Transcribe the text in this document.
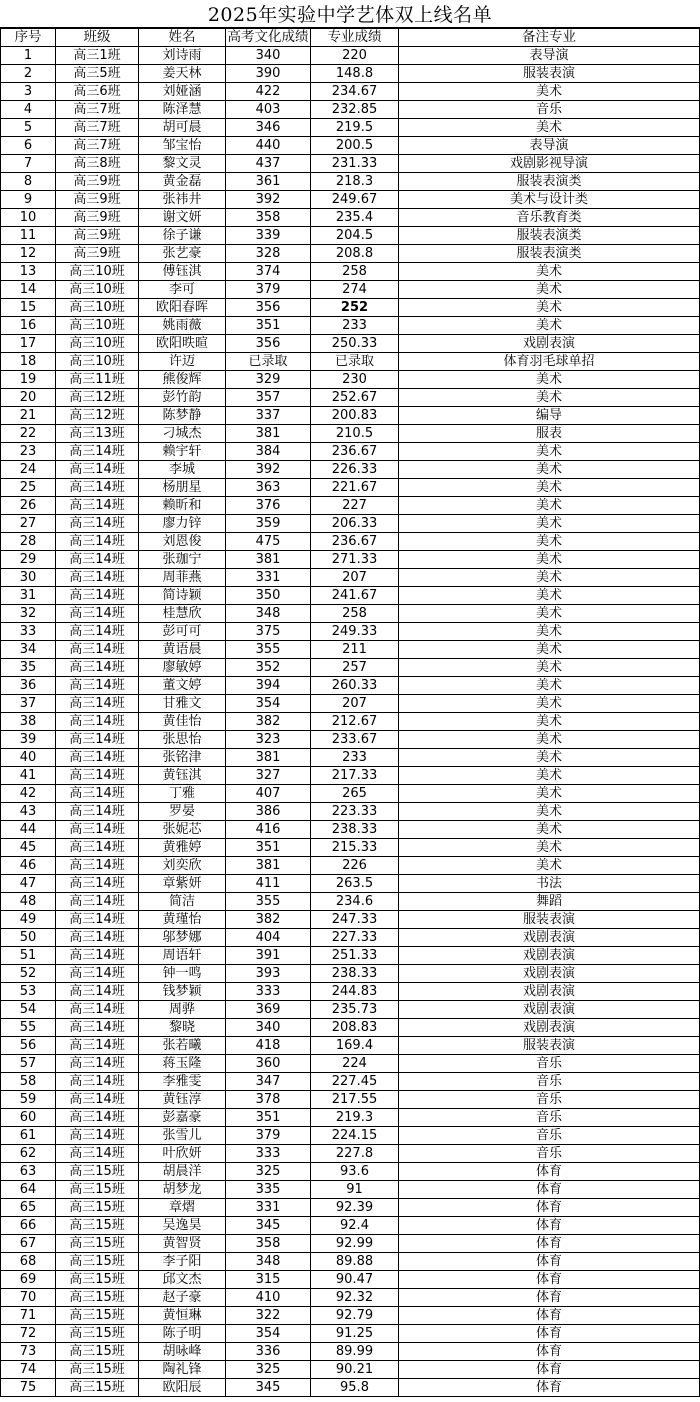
2025年实验中学艺体双上线名单
序号	班级	姓名	高考文化成绩	专业成绩	备注专业
1	高三1班	刘诗雨	340	220	表导演
2	高三5班	姜天林	390	148.8	服装表演
3	高三6班	刘娅涵	422	234.67	美术
4	高三7班	陈泽慧	403	232.85	音乐
5	高三7班	胡可晨	346	219.5	美术
6	高三7班	邹宝怡	440	200.5	表导演
7	高三8班	黎文灵	437	231.33	戏剧影视导演
8	高三9班	黄金磊	361	218.3	服装表演类
9	高三9班	张祎井	392	249.67	美术与设计类
10	高三9班	谢文妍	358	235.4	音乐教育类
11	高三9班	徐子谦	339	204.5	服装表演类
12	高三9班	张艺豪	328	208.8	服装表演类
13	高三10班	傅钰淇	374	258	美术
14	高三10班	李可	379	274	美术
15	高三10班	欧阳春晖	356	252	美术
16	高三10班	姚雨薇	351	233	美术
17	高三10班	欧阳昳暄	356	250.33	戏剧表演
18	高三10班	许迈	已录取	已录取	体育羽毛球单招
19	高三11班	熊俊辉	329	230	美术
20	高三12班	彭竹韵	357	252.67	美术
21	高三12班	陈梦静	337	200.83	编导
22	高三13班	刁城杰	381	210.5	服表
23	高三14班	赖宇轩	384	236.67	美术
24	高三14班	李城	392	226.33	美术
25	高三14班	杨朋星	363	221.67	美术
26	高三14班	赖昕和	376	227	美术
27	高三14班	廖力锌	359	206.33	美术
28	高三14班	刘恩俊	475	236.67	美术
29	高三14班	张珈宁	381	271.33	美术
30	高三14班	周菲燕	331	207	美术
31	高三14班	简诗颖	350	241.67	美术
32	高三14班	桂慧欣	348	258	美术
33	高三14班	彭可可	375	249.33	美术
34	高三14班	黄语晨	355	211	美术
35	高三14班	廖敏婷	352	257	美术
36	高三14班	董文婷	394	260.33	美术
37	高三14班	甘雅文	354	207	美术
38	高三14班	黄佳怡	382	212.67	美术
39	高三14班	张思怡	323	233.67	美术
40	高三14班	张铭津	381	233	美术
41	高三14班	黄钰淇	327	217.33	美术
42	高三14班	丁雅	407	265	美术
43	高三14班	罗晏	386	223.33	美术
44	高三14班	张妮芯	416	238.33	美术
45	高三14班	黄雅婷	351	215.33	美术
46	高三14班	刘奕欣	381	226	美术
47	高三14班	章紫妍	411	263.5	书法
48	高三14班	简洁	355	234.6	舞蹈
49	高三14班	黄瑾怡	382	247.33	服装表演
50	高三14班	邬梦娜	404	227.33	戏剧表演
51	高三14班	周语轩	391	251.33	戏剧表演
52	高三14班	钟一鸣	393	238.33	戏剧表演
53	高三14班	钱梦颖	333	244.83	戏剧表演
54	高三14班	周骅	369	235.73	戏剧表演
55	高三14班	黎晓	340	208.83	戏剧表演
56	高三14班	张若曦	418	169.4	服装表演
57	高三14班	蒋玉隆	360	224	音乐
58	高三14班	李雅雯	347	227.45	音乐
59	高三14班	黄钰淳	378	217.55	音乐
60	高三14班	彭嘉豪	351	219.3	音乐
61	高三14班	张雪儿	379	224.15	音乐
62	高三14班	叶欣妍	333	227.8	音乐
63	高三15班	胡晨洋	325	93.6	体育
64	高三15班	胡梦龙	335	91	体育
65	高三15班	章熠	331	92.39	体育
66	高三15班	吴逸昊	345	92.4	体育
67	高三15班	黄智贤	358	92.99	体育
68	高三15班	李子阳	348	89.88	体育
69	高三15班	邱文杰	315	90.47	体育
70	高三15班	赵子豪	410	92.32	体育
71	高三15班	黄恒琳	322	92.79	体育
72	高三15班	陈子明	354	91.25	体育
73	高三15班	胡咏峰	336	89.99	体育
74	高三15班	陶礼锋	325	90.21	体育
75	高三15班	欧阳辰	345	95.8	体育
